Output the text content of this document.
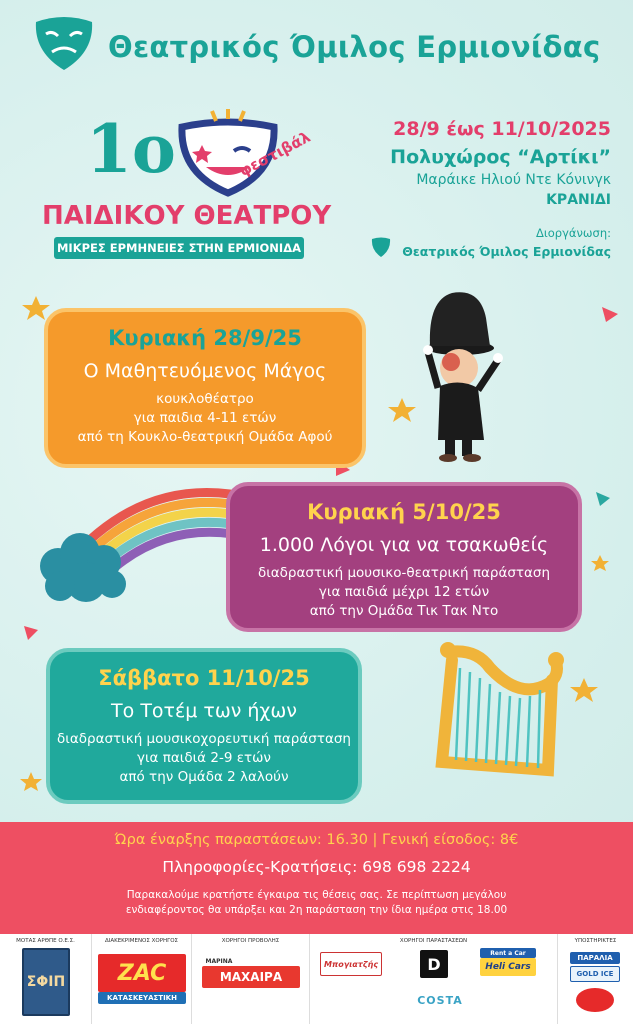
Θεατρικός Όμιλος Ερμιονίδας
1ο	φεστιβάλ
ΠΑΙΔΙΚΟΥ ΘΕΑΤΡΟΥ
ΜΙΚΡΕΣ ΕΡΜΗΝΕΙΕΣ ΣΤΗΝ ΕΡΜΙΟΝΙΔΑ
28/9 έως 11/10/2025
Πολυχώρος “Αρτίκι”
Μαράικε Ηλιού Ντε Κόνινγκ
ΚΡΑΝΙΔΙ
Διοργάνωση:
Θεατρικός Όμιλος Ερμιονίδας
Κυριακή 28/9/25
Ο Μαθητευόμενος Μάγος
κουκλοθέατρο
για παιδια 4-11 ετών
από τη Κουκλο-θεατρική Ομάδα Αφού
Κυριακή 5/10/25
1.000 Λόγοι για να τσακωθείς
διαδραστική μουσικο-θεατρική παράσταση
για παιδιά μέχρι 12 ετών
από την Ομάδα Τικ Τακ Ντο
Σάββατο 11/10/25
Το Τοτέμ των ήχων
διαδραστική μουσικοχορευτική παράσταση
για παιδιά 2-9 ετών
από την Ομάδα 2 λαλούν
Ώρα έναρξης παραστάσεων: 16.30 | Γενική είσοδος: 8€
Πληροφορίες-Κρατήσεις: 698 698 2224
Παρακαλούμε κρατήστε έγκαιρα τις θέσεις σας. Σε περίπτωση μεγάλου
ενδιαφέροντος θα υπάρξει και 2η παράσταση την ίδια ημέρα στις 18.00
ΜΟΤΑΣ ΑΡΘΠΕ Ο.Ε.Σ.
ΣΦΙΠ
ΔΙΑΚΕΚΡΙΜΕΝΟΣ ΧΟΡΗΓΟΣ
ZAC
ΚΑΤΑΣΚΕΥΑΣΤΙΚΗ
ΧΟΡΗΓΟΙ ΠΡΟΒΟΛΗΣ
ΜΑΡΙΝΑ
ΜΑΧΑΙΡΑ
ΧΟΡΗΓΟΙ ΠΑΡΑΣΤΑΣΕΩΝ
Μπογιατζής	D
Rent a Car
Heli Cars
COSTA
ΥΠΟΣΤΗΡΙΚΤΕΣ
ΠΑΡΑΛΙΑ
GOLD ICE
